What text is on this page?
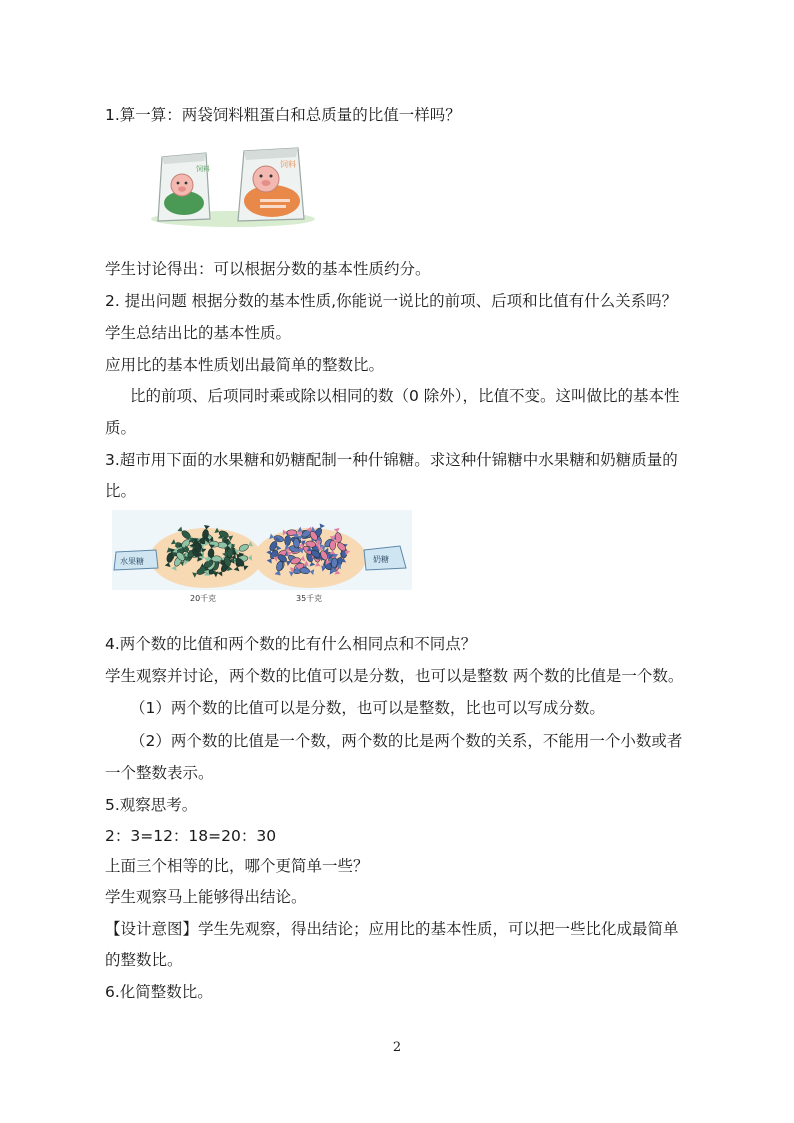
1.算一算：两袋饲料粗蛋白和总质量的比值一样吗？
饲料	饲料
学生讨论得出：可以根据分数的基本性质约分。
2. 提出问题 根据分数的基本性质,你能说一说比的前项、后项和比值有什么关系吗？
学生总结出比的基本性质。
应用比的基本性质划出最简单的整数比。
比的前项、后项同时乘或除以相同的数（0 除外），比值不变。这叫做比的基本性
质。
3.超市用下面的水果糖和奶糖配制一种什锦糖。求这种什锦糖中水果糖和奶糖质量的
比。
水果糖	奶糖
20千克	35千克
4.两个数的比值和两个数的比有什么相同点和不同点？
学生观察并讨论，两个数的比值可以是分数，也可以是整数 两个数的比值是一个数。
（1）两个数的比值可以是分数，也可以是整数，比也可以写成分数。
（2）两个数的比值是一个数，两个数的比是两个数的关系，不能用一个小数或者
一个整数表示。
5.观察思考。
2：3=12：18=20：30
上面三个相等的比，哪个更简单一些？
学生观察马上能够得出结论。
【设计意图】学生先观察，得出结论；应用比的基本性质，可以把一些比化成最简单
的整数比。
6.化简整数比。
2
